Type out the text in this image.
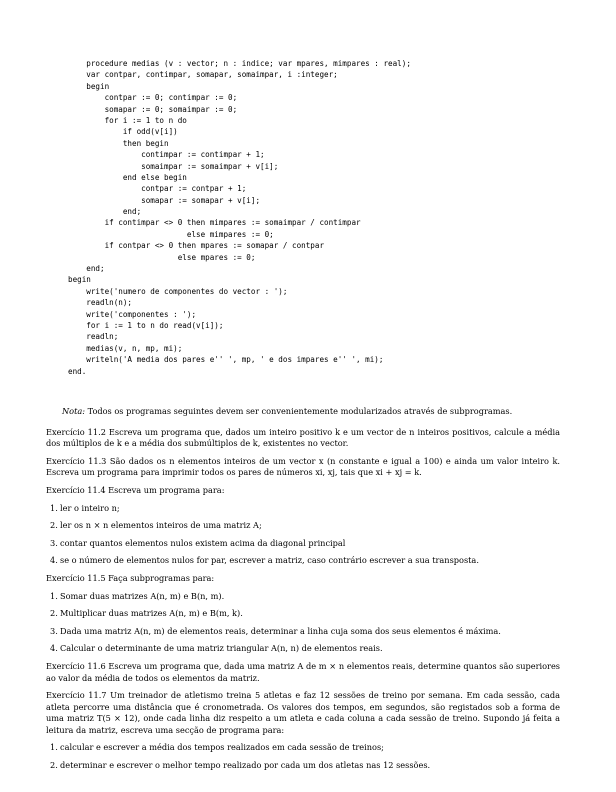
procedure medias (v : vector; n : indice; var mpares, mimpares : real);
var contpar, contimpar, somapar, somaimpar, i :integer;
begin
contpar := 0; contimpar := 0;
somapar := 0; somaimpar := 0;
for i := 1 to n do
if odd(v[i])
then begin
contimpar := contimpar + 1;
somaimpar := somaimpar + v[i];
end else begin
contpar := contpar + 1;
somapar := somapar + v[i];
end;
if contimpar <> 0 then mimpares := somaimpar / contimpar
else mimpares := 0;
if contpar <> 0 then mpares := somapar / contpar
else mpares := 0;
end;
begin
write('numero de componentes do vector : ');
readln(n);
write('componentes : ');
for i := 1 to n do read(v[i]);
readln;
medias(v, n, mp, mi);
writeln('A media dos pares e'' ', mp, ' e dos impares e'' ', mi);
end.

Nota: Todos os programas seguintes devem ser convenientemente modularizados através de subprogramas.

Exercício 11.2 Escreva um programa que, dados um inteiro positivo k e um vector de n inteiros positivos, calcule a média dos múltiplos de k e a média dos submúltiplos de k, existentes no vector.

Exercício 11.3 São dados os n elementos inteiros de um vector x (n constante e igual a 100) e ainda um valor inteiro k. Escreva um programa para imprimir todos os pares de números xi, xj, tais que xi + xj = k.

Exercício 11.4 Escreva um programa para:

1. ler o inteiro n;
2. ler os n × n elementos inteiros de uma matriz A;
3. contar quantos elementos nulos existem acima da diagonal principal
4. se o número de elementos nulos for par, escrever a matriz, caso contrário escrever a sua transposta.

Exercício 11.5 Faça subprogramas para:

1. Somar duas matrizes A(n, m) e B(n, m).
2. Multiplicar duas matrizes A(n, m) e B(m, k).
3. Dada uma matriz A(n, m) de elementos reais, determinar a linha cuja soma dos seus elementos é máxima.
4. Calcular o determinante de uma matriz triangular A(n, n) de elementos reais.

Exercício 11.6 Escreva um programa que, dada uma matriz A de m × n elementos reais, determine quantos são superiores ao valor da média de todos os elementos da matriz.

Exercício 11.7 Um treinador de atletismo treina 5 atletas e faz 12 sessões de treino por semana. Em cada sessão, cada atleta percorre uma distância que é cronometrada. Os valores dos tempos, em segundos, são registados sob a forma de uma matriz T(5 × 12), onde cada linha diz respeito a um atleta e cada coluna a cada sessão de treino. Supondo já feita a leitura da matriz, escreva uma secção de programa para:

1. calcular e escrever a média dos tempos realizados em cada sessão de treinos;
2. determinar e escrever o melhor tempo realizado por cada um dos atletas nas 12 sessões.
